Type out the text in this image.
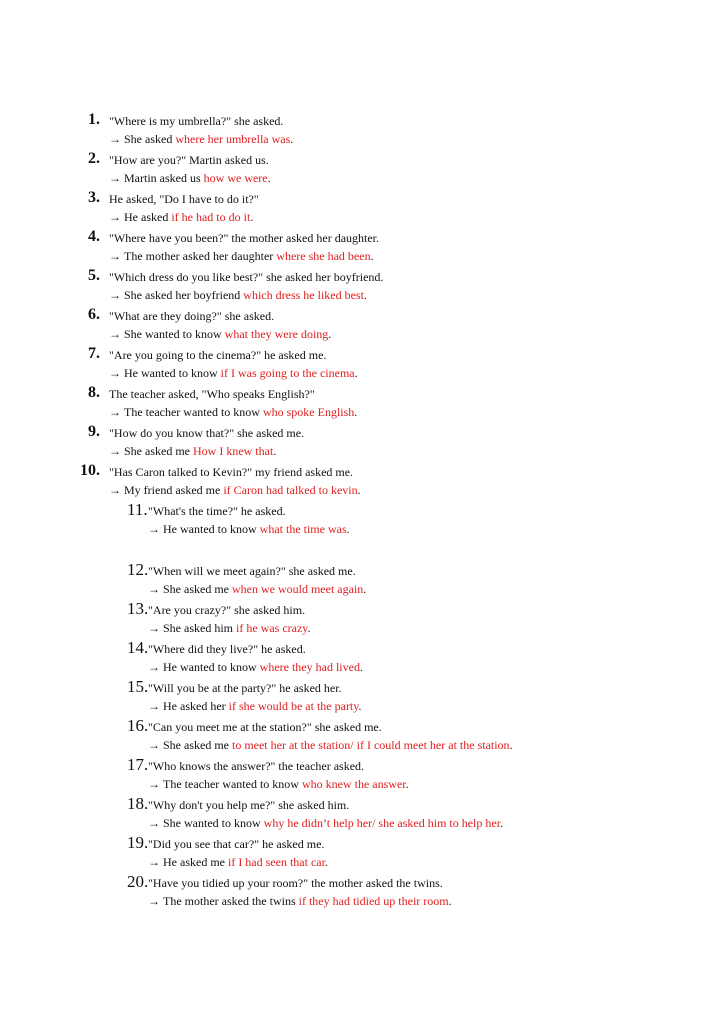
1. "Where is my umbrella?" she asked.
→ She asked where her umbrella was.
2. "How are you?" Martin asked us.
→ Martin asked us how we were.
3. He asked, "Do I have to do it?"
→ He asked if he had to do it.
4. "Where have you been?" the mother asked her daughter.
→ The mother asked her daughter where she had been.
5. "Which dress do you like best?" she asked her boyfriend.
→ She asked her boyfriend which dress he liked best.
6. "What are they doing?" she asked.
→ She wanted to know what they were doing.
7. "Are you going to the cinema?" he asked me.
→ He wanted to know if I was going to the cinema.
8. The teacher asked, "Who speaks English?"
→ The teacher wanted to know who spoke English.
9. "How do you know that?" she asked me.
→ She asked me How I knew that.
10. "Has Caron talked to Kevin?" my friend asked me.
→ My friend asked me if Caron had talked to kevin.
11. "What's the time?" he asked.
→ He wanted to know what the time was.
12. "When will we meet again?" she asked me.
→ She asked me when we would meet again.
13. "Are you crazy?" she asked him.
→ She asked him if he was crazy.
14. "Where did they live?" he asked.
→ He wanted to know where they had lived.
15. "Will you be at the party?" he asked her.
→ He asked her if she would be at the party.
16. "Can you meet me at the station?" she asked me.
→ She asked me to meet her at the station/ if I could meet her at the station.
17. "Who knows the answer?" the teacher asked.
→ The teacher wanted to know who knew the answer.
18. "Why don't you help me?" she asked him.
→ She wanted to know why he didn’t help her/ she asked him to help her.
19. "Did you see that car?" he asked me.
→ He asked me if I had seen that car.
20. "Have you tidied up your room?" the mother asked the twins.
→ The mother asked the twins if they had tidied up their room.
